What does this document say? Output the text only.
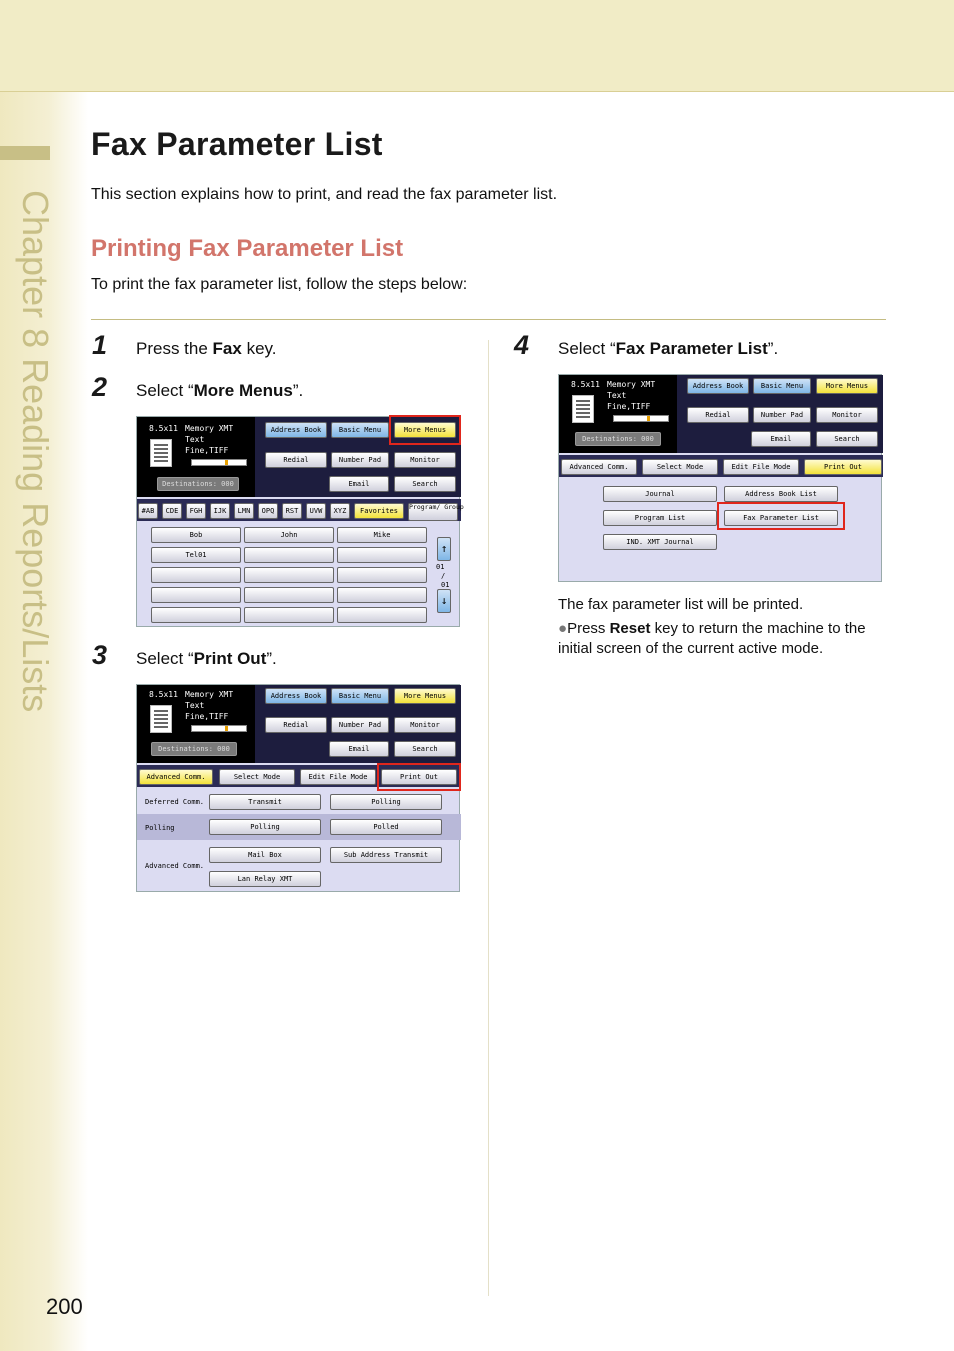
Chapter 8 Reading Reports/Lists
200
Fax Parameter List
This section explains how to print, and read the fax parameter list.
Printing Fax Parameter List
To print the fax parameter list, follow the steps below:
1 Press the Fax key.
2 Select “More Menus”.
8.5x11 Memory XMT
Text
Fine,TIFF
Destinations: 000
Address Book	Basic Menu	More Menus
Redial	Number Pad	Monitor
Email	Search
#AB	CDE	FGH	IJK	LMN	OPQ	RST	UVW	XYZ	Favorites	Program/ Group
Bob	John	Mike
Tel01	↑
01
/
01
↓
3 Select “Print Out”.
8.5x11 Memory XMT
Text
Fine,TIFF
Destinations: 000
Address Book	Basic Menu	More Menus
Redial	Number Pad	Monitor
Email	Search
Advanced Comm.	Select Mode	Edit File Mode	Print Out
Deferred Comm.	Transmit	Polling
Polling	Polling	Polled
Advanced Comm.
Mail Box	Sub Address Transmit
Lan Relay XMT
4 Select “Fax Parameter List”.
8.5x11 Memory XMT
Text
Fine,TIFF
Destinations: 000
Address Book	Basic Menu	More Menus
Redial	Number Pad	Monitor
Email	Search
Advanced Comm.	Select Mode	Edit File Mode	Print Out
Journal	Address Book List
Program List	Fax Parameter List
IND. XMT Journal
The fax parameter list will be printed.
●Press Reset key to return the machine to the initial screen of the current active mode.
